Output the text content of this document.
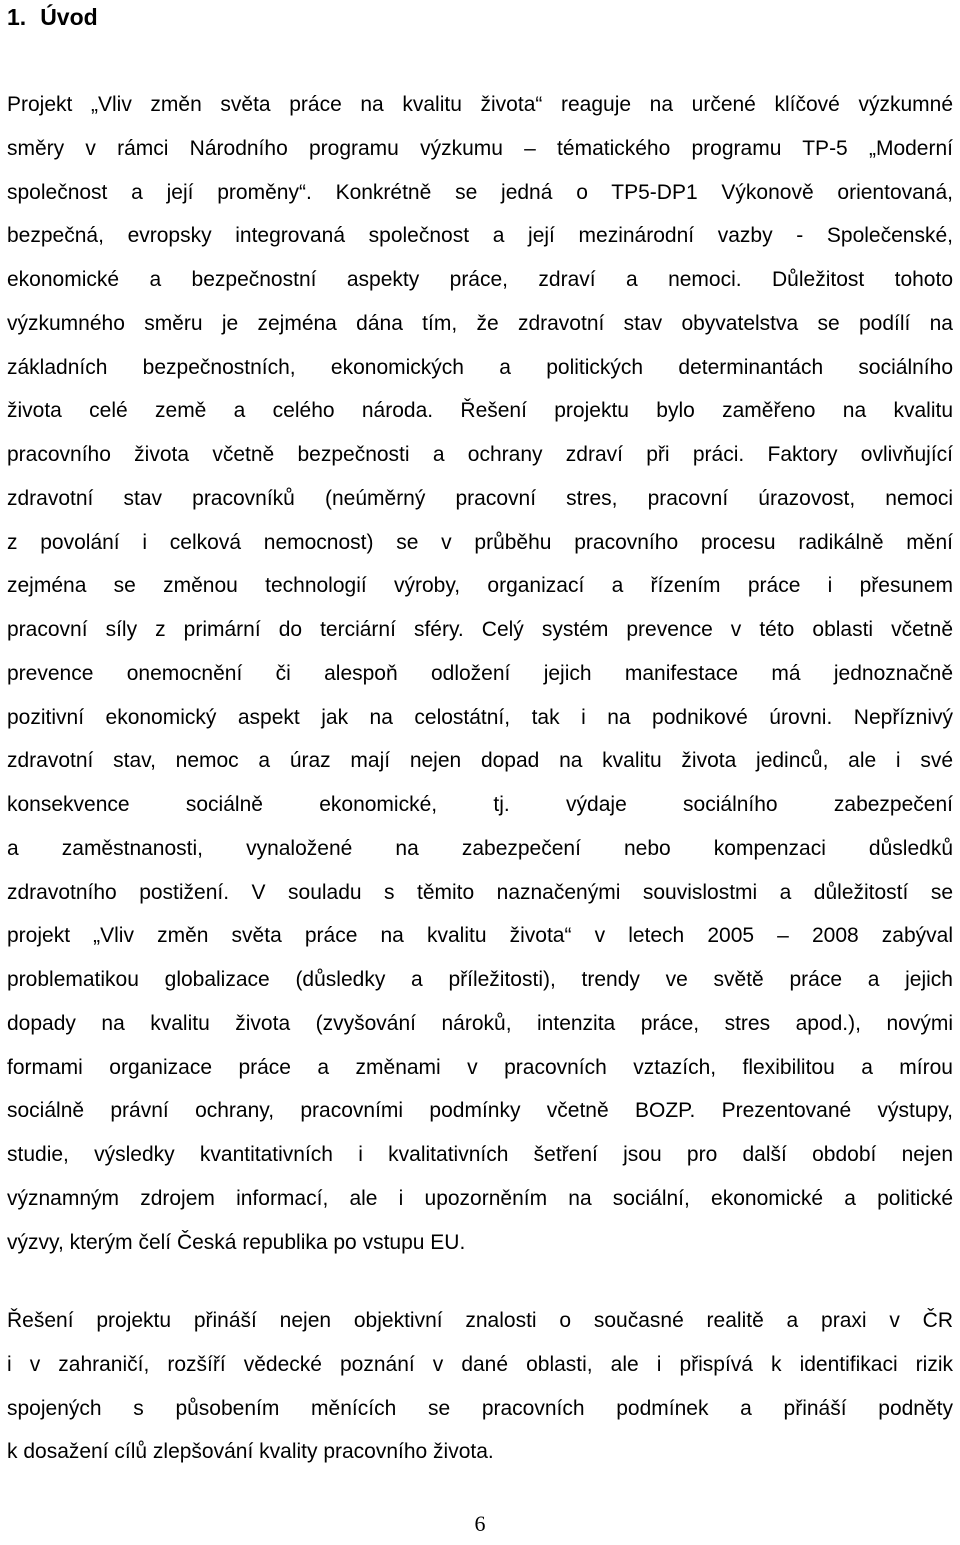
1. Úvod
Projekt „Vliv změn světa práce na kvalitu života“ reaguje na určené klíčové výzkumné
směry v rámci Národního programu výzkumu – tématického programu TP-5 „Moderní
společnost a její proměny“. Konkrétně se jedná o TP5-DP1 Výkonově orientovaná,
bezpečná, evropsky integrovaná společnost a její mezinárodní vazby - Společenské,
ekonomické a bezpečnostní aspekty práce, zdraví a nemoci. Důležitost tohoto
výzkumného směru je zejména dána tím, že zdravotní stav obyvatelstva se podílí na
základních bezpečnostních, ekonomických a politických determinantách sociálního
života celé země a celého národa. Řešení projektu bylo zaměřeno na kvalitu
pracovního života včetně bezpečnosti a ochrany zdraví při práci. Faktory ovlivňující
zdravotní stav pracovníků (neúměrný pracovní stres, pracovní úrazovost, nemoci
z povolání i celková nemocnost) se v průběhu pracovního procesu radikálně mění
zejména se změnou technologií výroby, organizací a řízením práce i přesunem
pracovní síly z primární do terciární sféry. Celý systém prevence v této oblasti včetně
prevence onemocnění či alespoň odložení jejich manifestace má jednoznačně
pozitivní ekonomický aspekt jak na celostátní, tak i na podnikové úrovni. Nepříznivý
zdravotní stav, nemoc a úraz mají nejen dopad na kvalitu života jedinců, ale i své
konsekvence sociálně ekonomické, tj. výdaje sociálního zabezpečení
a zaměstnanosti, vynaložené na zabezpečení nebo kompenzaci důsledků
zdravotního postižení. V souladu s těmito naznačenými souvislostmi a důležitostí se
projekt „Vliv změn světa práce na kvalitu života“ v letech 2005 – 2008 zabýval
problematikou globalizace (důsledky a příležitosti), trendy ve světě práce a jejich
dopady na kvalitu života (zvyšování nároků, intenzita práce, stres apod.), novými
formami organizace práce a změnami v pracovních vztazích, flexibilitou a mírou
sociálně právní ochrany, pracovními podmínky včetně BOZP. Prezentované výstupy,
studie, výsledky kvantitativních i kvalitativních šetření jsou pro další období nejen
významným zdrojem informací, ale i upozorněním na sociální, ekonomické a politické
výzvy, kterým čelí Česká republika po vstupu EU.
Řešení projektu přináší nejen objektivní znalosti o současné realitě a praxi v ČR
i v zahraničí, rozšíří vědecké poznání v dané oblasti, ale i přispívá k identifikaci rizik
spojených s působením měnících se pracovních podmínek a přináší podněty
k dosažení cílů zlepšování kvality pracovního života.
6
